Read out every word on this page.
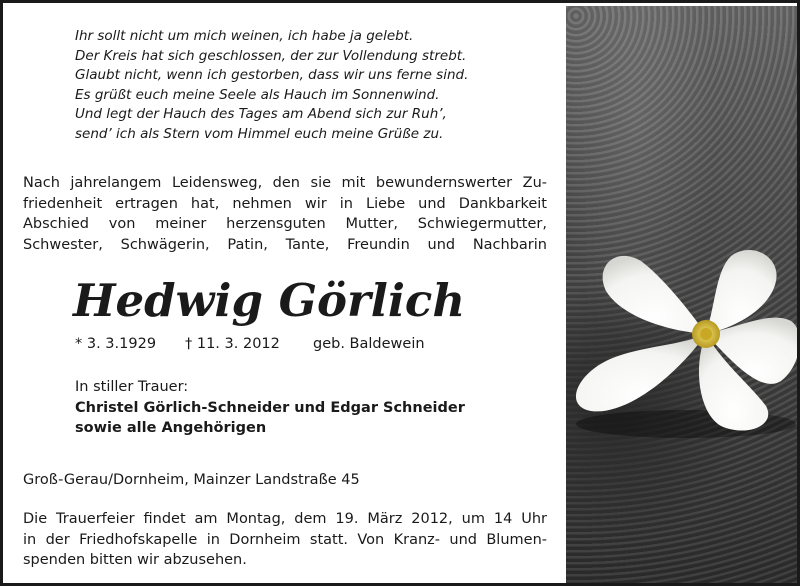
Ihr sollt nicht um mich weinen, ich habe ja gelebt.
Der Kreis hat sich geschlossen, der zur Vollendung strebt.
Glaubt nicht, wenn ich gestorben, dass wir uns ferne sind.
Es grüßt euch meine Seele als Hauch im Sonnenwind.
Und legt der Hauch des Tages am Abend sich zur Ruh’,
send’ ich als Stern vom Himmel euch meine Grüße zu.
Nach jahrelangem Leidensweg, den sie mit bewundernswerter Zu-
friedenheit ertragen hat, nehmen wir in Liebe und Dankbarkeit
Abschied von meiner herzensguten Mutter, Schwiegermutter,
Schwester, Schwägerin, Patin, Tante, Freundin und Nachbarin
Hedwig Görlich
* 3. 3.1929 † 11. 3. 2012 geb. Baldewein
In stiller Trauer:
Christel Görlich-Schneider und Edgar Schneider
sowie alle Angehörigen
Groß-Gerau/Dornheim, Mainzer Landstraße 45
Die Trauerfeier findet am Montag, dem 19. März 2012, um 14 Uhr
in der Friedhofskapelle in Dornheim statt. Von Kranz- und Blumen-
spenden bitten wir abzusehen.
